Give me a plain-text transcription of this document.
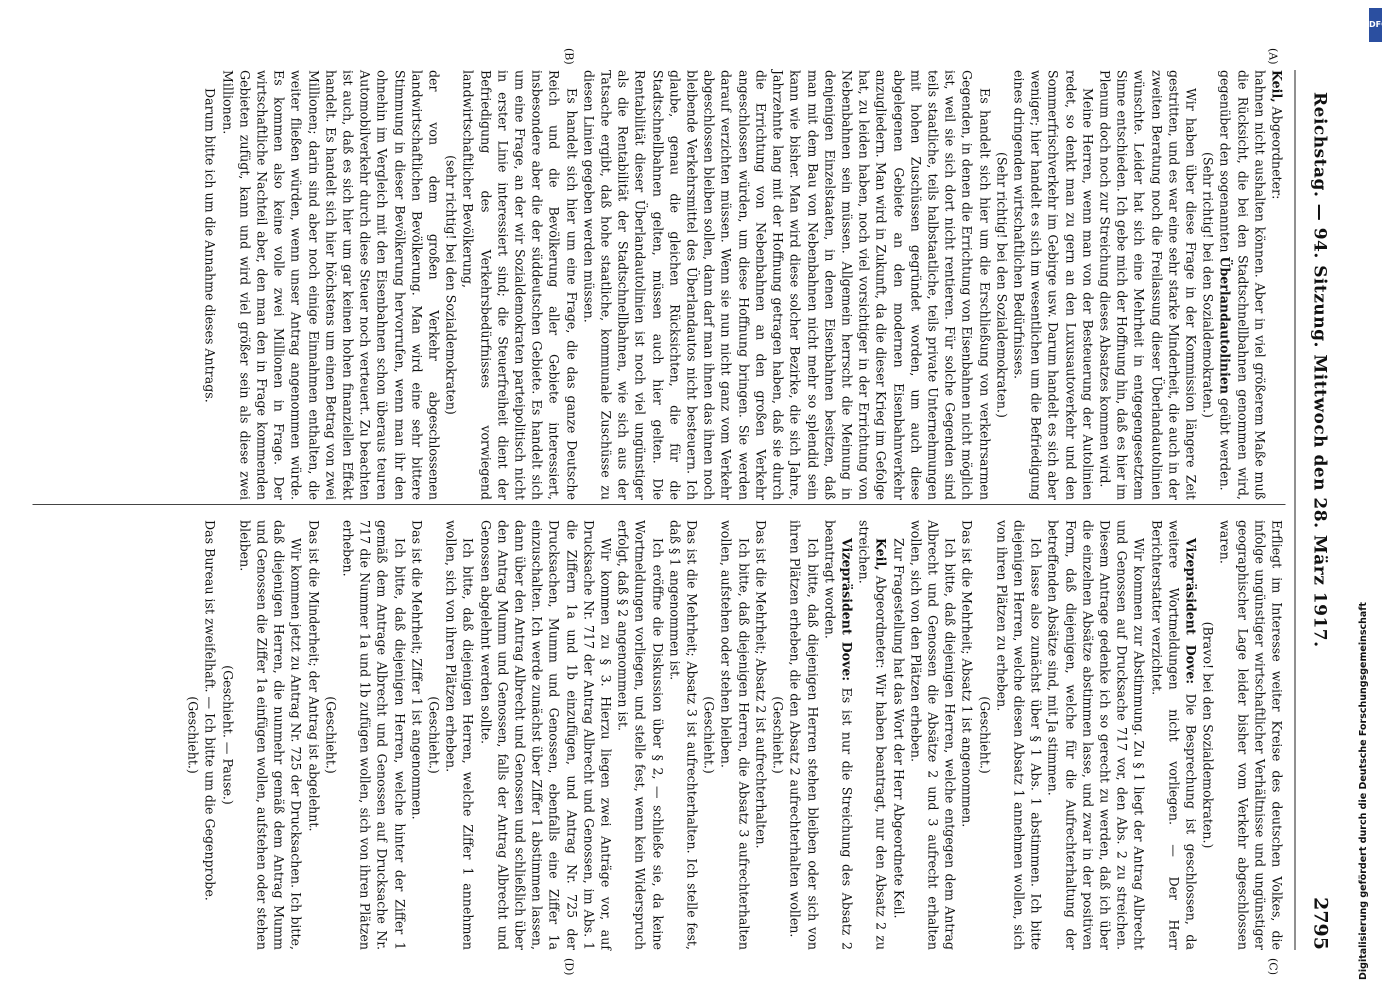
Reichstag. — 94. Sitzung. Mittwoch den 28. März 1917.
2795
(A)
(B)
(C)
(D)

Keil, Abgeordneter:

hahnen nicht aushalten können. Aber in viel größerem Maße muß die Rücksicht, die bei den Stadtschnellbahnen genommen wird, gegenüber den sogenannten Überlandautolinien geübt werden.

(Sehr richtig! bei den Sozialdemokraten.)

Wir haben über diese Frage in der Kommission längere Zeit gestritten, und es war eine sehr starke Minderheit, die auch in der zweiten Beratung noch die Freilassung dieser Überlandautolinien wünschte. Leider hat sich eine Mehrheit in entgegengesetztem Sinne entschieden. Ich gebe mich der Hoffnung hin, daß es hier im Plenum doch noch zur Streichung dieses Absatzes kommen wird.

Meine Herren, wenn man von der Besteuerung der Autolinien redet, so denkt man zu gern an den Luxusautoverkehr und den Sommerfrischverkehr im Gebirge usw. Darum handelt es sich aber weniger; hier handelt es sich im wesentlichen um die Befriedigung eines dringenden wirtschaftlichen Bedürfnisses.

(Sehr richtig! bei den Sozialdemokraten.)

Es handelt sich hier um die Erschließung von verkehrsarmen Gegenden, in denen die Errichtung von Eisenbahnen nicht möglich ist, weil sie sich dort nicht rentieren. Für solche Gegenden sind teils staatliche, teils halbstaatliche, teils private Unternehmungen mit hohen Zuschüssen gegründet worden, um auch diese abgelegenen Gebiete an den modernen Eisenbahnverkehr anzugliedern. Man wird in Zukunft, da die dieser Krieg im Gefolge hat, zu leiden haben, noch viel vorsichtiger in der Errichtung von Nebenbahnen sein müssen. Allgemein herrscht die Meinung in denjenigen Einzelstaaten, in denen Eisenbahnen besitzen, daß man mit dem Bau von Nebenbahnen nicht mehr so splendid sein kann wie bisher. Man wird diese solcher Bezirke, die sich Jahre, Jahrzehnte lang mit der Hoffnung getragen haben, daß sie durch die Errichtung von Nebenbahnen an den großen Verkehr angeschlossen würden, um diese Hoffnung bringen. Sie werden darauf verzichten müssen. Wenn sie nun nicht ganz vom Verkehr abgeschlossen bleiben sollen, dann darf man ihnen das ihnen noch bleibende Verkehrsmittel des Überlandautos nicht besteuern. Ich glaube, genau die gleichen Rücksichten, die für die Stadtschnellbahnen gelten, müssen auch hier gelten. Die Rentabilität dieser Überlandautolinien ist noch viel ungünstiger als die Rentabilität der Stadtschnellbahnen, wie sich aus der Tatsache ergibt, daß hohe staatliche, kommunale Zuschüsse zu diesen Linien gegeben werden müssen.

Es handelt sich hier um eine Frage, die das ganze Deutsche Reich und die Bevölkerung aller Gebiete interessiert, insbesondere aber die der süddeutschen Gebiete. Es handelt sich um eine Frage, an der wir Sozialdemokraten parteipolitisch nicht in erster Linie interessiert sind; die Steuerfreiheit dient der Befriedigung des Verkehrsbedürfnisses vorwiegend landwirtschaftlicher Bevölkerung,

(sehr richtig! bei den Sozialdemokraten)

der von dem großen Verkehr abgeschlossenen landwirtschaftlichen Bevölkerung. Man wird eine sehr bittere Stimmung in dieser Bevölkerung hervorrufen, wenn man ihr den ohnehin im Vergleich mit den Eisenbahnen schon überaus teuren Automobilverkehr durch diese Steuer noch verteuert. Zu beachten ist auch, daß es sich hier um gar keinen hohen finanziellen Effekt handelt. Es handelt sich hier höchstens um einen Betrag von zwei Millionen; darin sind aber noch einige Einnahmen enthalten, die weiter fließen würden, wenn unser Antrag angenommen würde. Es kommen also keine volle zwei Millionen in Frage. Der wirtschaftliche Nachteil aber, den man den in Frage kommenden Gebieten zufügt, kann und wird viel größer sein als diese zwei Millionen.

Darum bitte ich um die Annahme dieses Antrags.

Erfliegt im Interesse weiter Kreise des deutschen Volkes, die infolge ungünstiger wirtschaftlicher Verhältnisse und ungünstiger geographischer Lage leider bisher vom Verkehr abgeschlossen waren.

(Bravo! bei den Sozialdemokraten.)

Vizepräsident Dove: Die Besprechung ist geschlossen, da weitere Wortmeldungen nicht vorliegen. — Der Herr Berichterstatter verzichtet.

Wir kommen zur Abstimmung. Zu § 1 liegt der Antrag Albrecht und Genossen auf Drucksache 717 vor, den Abs. 2 zu streichen. Diesem Antrage gedenke ich so gerecht zu werden, daß ich über die einzelnen Absätze abstimmen lasse, und zwar in der positiven Form, daß diejenigen, welche für die Aufrechterhaltung der betreffenden Absätze sind, mit Ja stimmen.

Ich lasse also zunächst über § 1 Abs. 1 abstimmen. Ich bitte diejenigen Herren, welche diesen Absatz 1 annehmen wollen, sich von ihren Plätzen zu erheben.

(Geschieht.)

Das ist die Mehrheit; Absatz 1 ist angenommen.

Ich bitte, daß diejenigen Herren, welche entgegen dem Antrag Albrecht und Genossen die Absätze 2 und 3 aufrecht erhalten wollen, sich von den Plätzen erheben.

Zur Fragestellung hat das Wort der Herr Abgeordnete Keil.

Keil, Abgeordneter: Wir haben beantragt, nur den Absatz 2 zu streichen.

Vizepräsident Dove: Es ist nur die Streichung des Absatz 2 beantragt worden.

Ich bitte, daß diejenigen Herren stehen bleiben oder sich von ihren Plätzen erheben, die den Absatz 2 aufrechterhalten wollen.

(Geschieht.)

Das ist die Mehrheit; Absatz 2 ist aufrechterhalten.

Ich bitte, daß diejenigen Herren, die Absatz 3 aufrechterhalten wollen, aufstehen oder stehen bleiben.

(Geschieht.)

Das ist die Mehrheit; Absatz 3 ist aufrechterhalten. Ich stelle fest, daß § 1 angenommen ist.

Ich eröffne die Diskussion über § 2, — schließe sie, da keine Wortmeldungen vorliegen, und stelle fest, wenn kein Widerspruch erfolgt, daß § 2 angenommen ist.

Wir kommen zu § 3. Hierzu liegen zwei Anträge vor, auf Drucksache Nr. 717 der Antrag Albrecht und Genossen, im Abs. 1 die Ziffern 1a und 1b einzufügen, und Antrag Nr. 725 der Drucksachen, Mumm und Genossen, ebenfalls eine Ziffer 1a einzuschalten. Ich werde zunächst über Ziffer 1 abstimmen lassen, dann über den Antrag Albrecht und Genossen und schließlich über den Antrag Mumm und Genossen, falls der Antrag Albrecht und Genossen abgelehnt werden sollte.

Ich bitte, daß diejenigen Herren, welche Ziffer 1 annehmen wollen, sich von ihren Plätzen erheben.

(Geschieht.)

Das ist die Mehrheit; Ziffer 1 ist angenommen.

Ich bitte, daß diejenigen Herren, welche hinter der Ziffer 1 gemäß dem Antrage Albrecht und Genossen auf Drucksache Nr. 717 die Nummer 1a und 1b zufügen wollen, sich von ihren Plätzen erheben.

(Geschieht.)

Das ist die Minderheit; der Antrag ist abgelehnt.

Wir kommen jetzt zu Antrag Nr. 725 der Drucksachen. Ich bitte, daß diejenigen Herren, die nunmehr gemäß dem Antrag Mumm und Genossen die Ziffer 1a einfügen wollen, aufstehen oder stehen bleiben.

(Geschieht. — Pause.)

Das Bureau ist zweifelhaft. — Ich bitte um die Gegenprobe.

(Geschieht.)

DFG
Digitalisierung gefördert durch die Deutsche Forschungsgemeinschaft
